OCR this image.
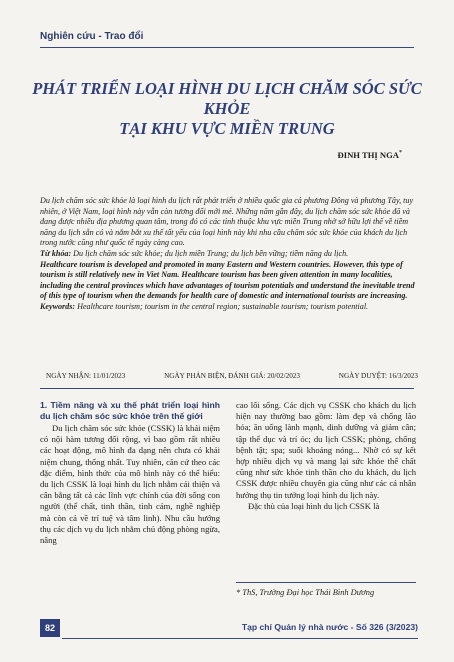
Nghiên cứu - Trao đổi
PHÁT TRIỂN LOẠI HÌNH DU LỊCH CHĂM SÓC SỨC KHỎE
TẠI KHU VỰC MIỀN TRUNG
ĐINH THỊ NGA*

Du lịch chăm sóc sức khỏe là loại hình du lịch rất phát triển ở nhiều quốc gia cả phương Đông và phương Tây, tuy nhiên, ở Việt Nam, loại hình này vẫn còn tương đối mới mẻ. Những năm gần đây, du lịch chăm sóc sức khỏe đã và đang được nhiều địa phương quan tâm, trong đó có các tỉnh thuộc khu vực miền Trung nhờ sở hữu lợi thế về tiềm năng du lịch sẵn có và nắm bắt xu thế tất yếu của loại hình này khi nhu cầu chăm sóc sức khỏe của khách du lịch trong nước cũng như quốc tế ngày càng cao.

Từ khóa: Du lịch chăm sóc sức khỏe; du lịch miền Trung; du lịch bền vững; tiềm năng du lịch.

Healthcare tourism is developed and promoted in many Eastern and Western countries. However, this type of tourism is still relatively new in Viet Nam. Healthcare tourism has been given attention in many localities, including the central provinces which have advantages of tourism potentials and understand the inevitable trend of this type of tourism when the demands for health care of domestic and international tourists are increasing.

Keywords: Healthcare tourism; tourism in the central region; sustainable tourism; tourism potential.

NGÀY NHẬN: 11/01/2023	NGÀY PHẢN BIỆN, ĐÁNH GIÁ: 20/02/2023	NGÀY DUYỆT: 16/3/2023
1. Tiềm năng và xu thế phát triển loại hình du lịch chăm sóc sức khỏe trên thế giới

Du lịch chăm sóc sức khỏe (CSSK) là khái niệm có nội hàm tương đối rộng, vì bao gồm rất nhiều các hoạt động, mô hình đa dạng nên chưa có khái niệm chung, thống nhất. Tuy nhiên, căn cứ theo các đặc điểm, hình thức của mô hình này có thể hiểu: du lịch CSSK là loại hình du lịch nhằm cải thiện và cân bằng tất cả các lĩnh vực chính của đời sống con người (thể chất, tinh thần, tình cảm, nghề nghiệp mà còn cả về trí tuệ và tâm linh). Nhu cầu hướng thụ các dịch vụ du lịch nhằm chủ động phòng ngừa, nâng

cao lối sống. Các dịch vụ CSSK cho khách du lịch hiện nay thường bao gồm: làm đẹp và chống lão hóa; ăn uống lành mạnh, dinh dưỡng và giảm cân; tập thể dục và trí óc; du lịch CSSK; phòng, chống bệnh tật; spa; suối khoáng nóng... Nhờ có sự kết hợp nhiều dịch vụ và mang lại sức khỏe thể chất cũng như sức khỏe tinh thần cho du khách, du lịch CSSK được nhiều chuyên gia cũng như các cá nhân hưởng thụ tin tưởng loại hình du lịch này.

Đặc thù của loại hình du lịch CSSK là

* ThS, Trường Đại học Thái Bình Dương
82	Tạp chí Quản lý nhà nước - Số 326 (3/2023)
